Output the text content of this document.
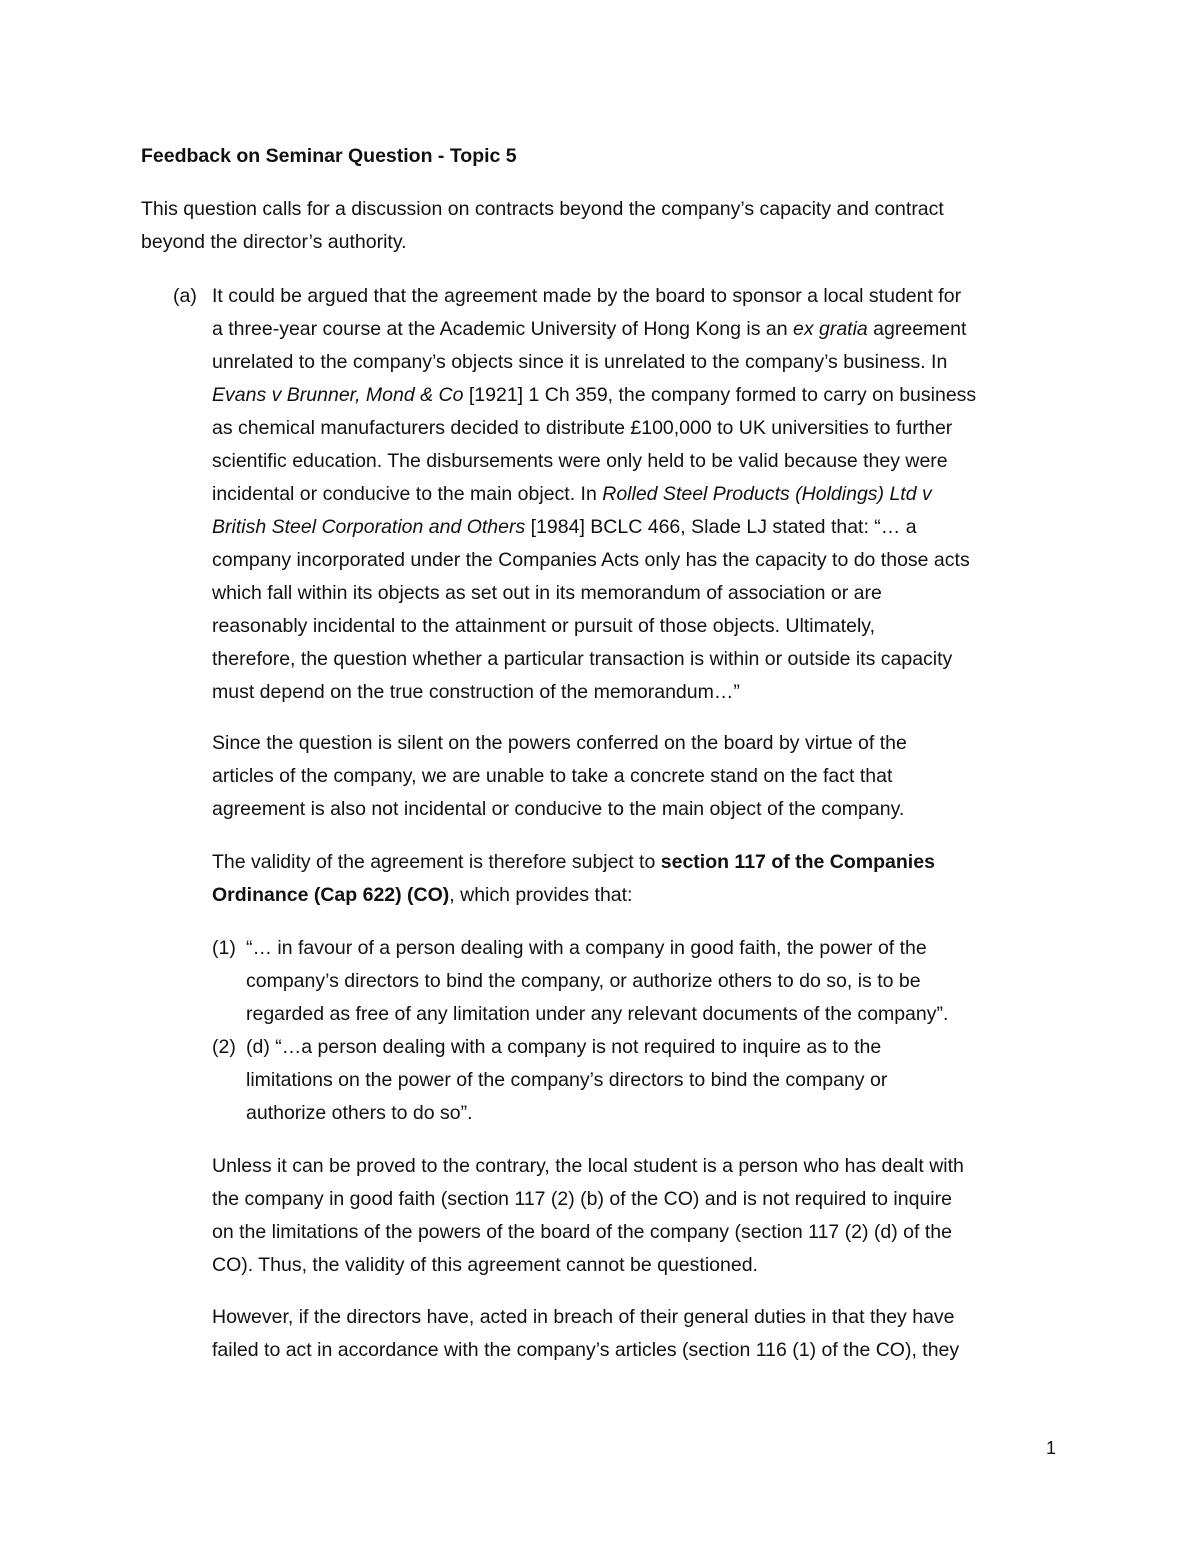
Feedback on Seminar Question - Topic 5

This question calls for a discussion on contracts beyond the company’s capacity and contract
beyond the director’s authority.

(a) It could be argued that the agreement made by the board to sponsor a local student for
a three-year course at the Academic University of Hong Kong is an ex gratia agreement
unrelated to the company’s objects since it is unrelated to the company’s business. In
Evans v Brunner, Mond & Co [1921] 1 Ch 359, the company formed to carry on business
as chemical manufacturers decided to distribute £100,000 to UK universities to further
scientific education. The disbursements were only held to be valid because they were
incidental or conducive to the main object. In Rolled Steel Products (Holdings) Ltd v
British Steel Corporation and Others [1984] BCLC 466, Slade LJ stated that: “… a
company incorporated under the Companies Acts only has the capacity to do those acts
which fall within its objects as set out in its memorandum of association or are
reasonably incidental to the attainment or pursuit of those objects. Ultimately,
therefore, the question whether a particular transaction is within or outside its capacity
must depend on the true construction of the memorandum…”

Since the question is silent on the powers conferred on the board by virtue of the
articles of the company, we are unable to take a concrete stand on the fact that
agreement is also not incidental or conducive to the main object of the company.

The validity of the agreement is therefore subject to section 117 of the Companies
Ordinance (Cap 622) (CO), which provides that:

(1) “… in favour of a person dealing with a company in good faith, the power of the
company’s directors to bind the company, or authorize others to do so, is to be
regarded as free of any limitation under any relevant documents of the company”.

(2) (d) “…a person dealing with a company is not required to inquire as to the
limitations on the power of the company’s directors to bind the company or
authorize others to do so”.

Unless it can be proved to the contrary, the local student is a person who has dealt with
the company in good faith (section 117 (2) (b) of the CO) and is not required to inquire
on the limitations of the powers of the board of the company (section 117 (2) (d) of the
CO). Thus, the validity of this agreement cannot be questioned.

However, if the directors have, acted in breach of their general duties in that they have
failed to act in accordance with the company’s articles (section 116 (1) of the CO), they

1
